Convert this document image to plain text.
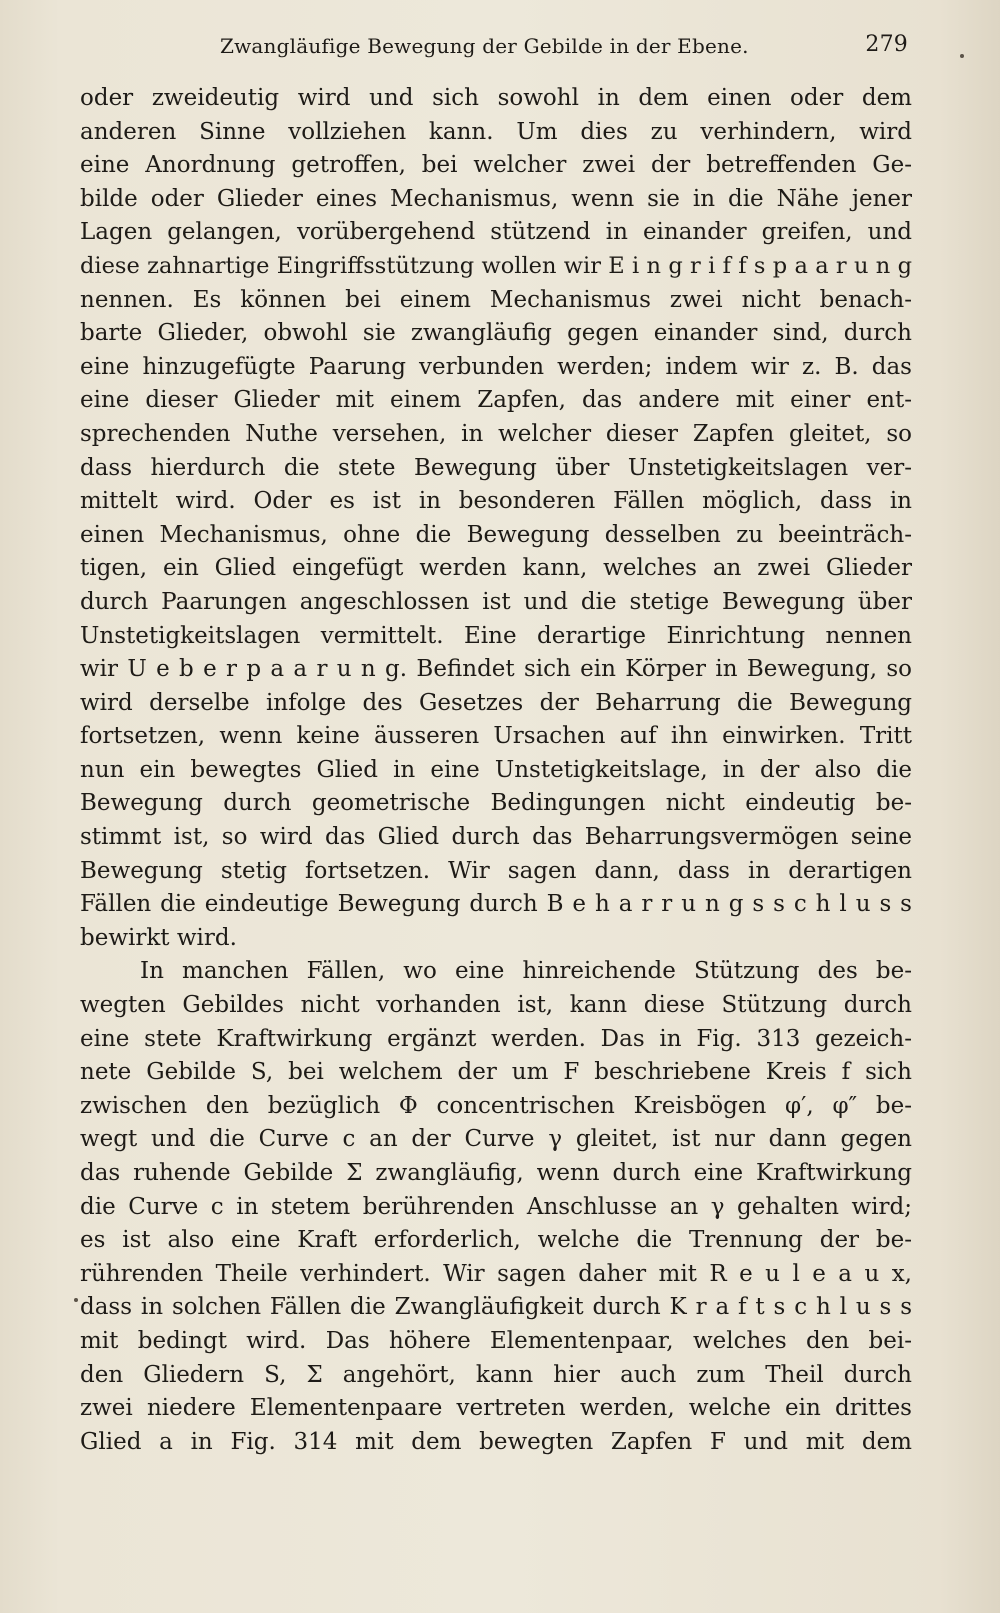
Zwangläufige Bewegung der Gebilde in der Ebene.	279
oder zweideutig wird und sich sowohl in dem einen oder dem
anderen Sinne vollziehen kann. Um dies zu verhindern, wird
eine Anordnung getroffen, bei welcher zwei der betreffenden Ge-
bilde oder Glieder eines Mechanismus, wenn sie in die Nähe jener
Lagen gelangen, vorübergehend stützend in einander greifen, und
diese zahnartige Eingriffsstützung wollen wir E i n g r i f f s p a a r u n g
nennen. Es können bei einem Mechanismus zwei nicht benach-
barte Glieder, obwohl sie zwangläufig gegen einander sind, durch
eine hinzugefügte Paarung verbunden werden; indem wir z. B. das
eine dieser Glieder mit einem Zapfen, das andere mit einer ent-
sprechenden Nuthe versehen, in welcher dieser Zapfen gleitet, so
dass hierdurch die stete Bewegung über Unstetigkeitslagen ver-
mittelt wird. Oder es ist in besonderen Fällen möglich, dass in
einen Mechanismus, ohne die Bewegung desselben zu beeinträch-
tigen, ein Glied eingefügt werden kann, welches an zwei Glieder
durch Paarungen angeschlossen ist und die stetige Bewegung über
Unstetigkeitslagen vermittelt. Eine derartige Einrichtung nennen
wir U e b e r p a a r u n g. Befindet sich ein Körper in Bewegung, so
wird derselbe infolge des Gesetzes der Beharrung die Bewegung
fortsetzen, wenn keine äusseren Ursachen auf ihn einwirken. Tritt
nun ein bewegtes Glied in eine Unstetigkeitslage, in der also die
Bewegung durch geometrische Bedingungen nicht eindeutig be-
stimmt ist, so wird das Glied durch das Beharrungsvermögen seine
Bewegung stetig fortsetzen. Wir sagen dann, dass in derartigen
Fällen die eindeutige Bewegung durch B e h a r r u n g s s c h l u s s
bewirkt wird.
In manchen Fällen, wo eine hinreichende Stützung des be-
wegten Gebildes nicht vorhanden ist, kann diese Stützung durch
eine stete Kraftwirkung ergänzt werden. Das in Fig. 313 gezeich-
nete Gebilde S, bei welchem der um F beschriebene Kreis f sich
zwischen den bezüglich Φ concentrischen Kreisbögen φ′, φ″ be-
wegt und die Curve c an der Curve γ gleitet, ist nur dann gegen
das ruhende Gebilde Σ zwangläufig, wenn durch eine Kraftwirkung
die Curve c in stetem berührenden Anschlusse an γ gehalten wird;
es ist also eine Kraft erforderlich, welche die Trennung der be-
rührenden Theile verhindert. Wir sagen daher mit R e u l e a u x,
dass in solchen Fällen die Zwangläufigkeit durch K r a f t s c h l u s s
mit bedingt wird. Das höhere Elementenpaar, welches den bei-
den Gliedern S, Σ angehört, kann hier auch zum Theil durch
zwei niedere Elementenpaare vertreten werden, welche ein drittes
Glied a in Fig. 314 mit dem bewegten Zapfen F und mit dem
